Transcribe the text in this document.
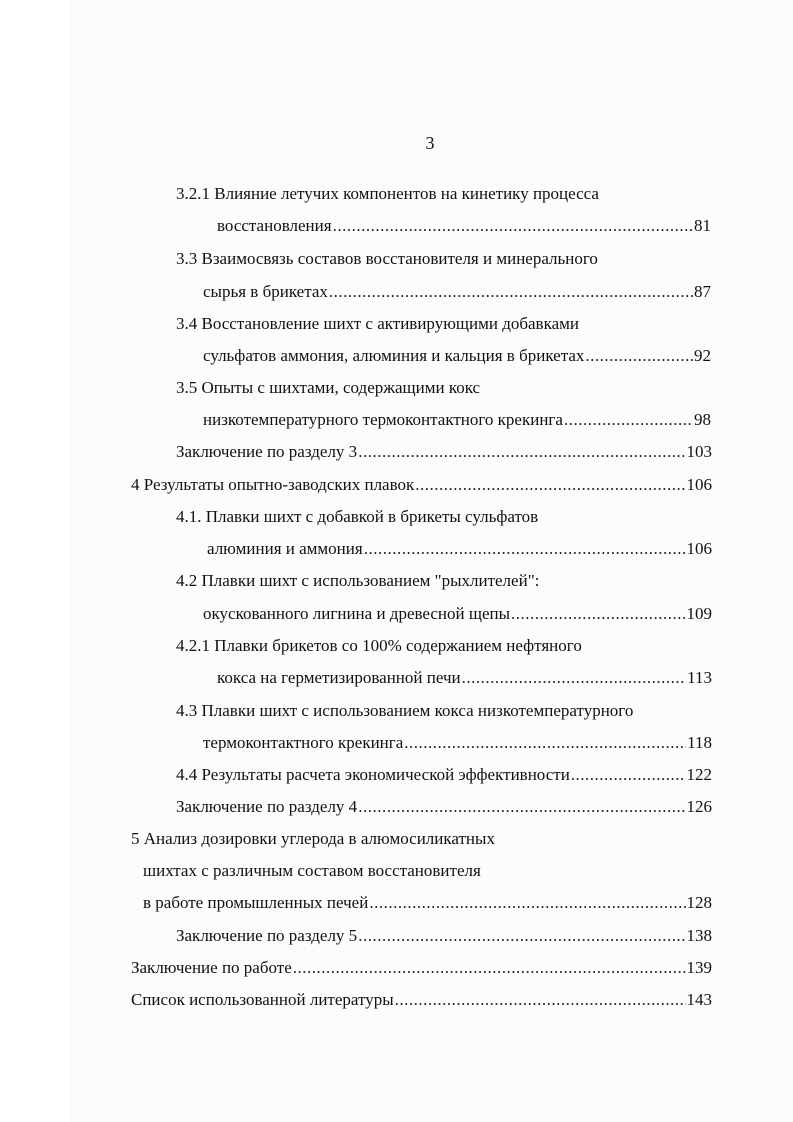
3
3.2.1 Влияние летучих компонентов на кинетику процесса
восстановления .....	81
3.3 Взаимосвязь составов восстановителя и минерального
сырья в брикетах .....	87
3.4 Восстановление шихт с активирующими добавками
сульфатов аммония, алюминия и кальция в брикетах .....	92
3.5 Опыты с шихтами, содержащими кокс
низкотемпературного термоконтактного крекинга .....	98
Заключение по разделу 3 .....	103
4 Результаты опытно-заводских плавок .....	106
4.1. Плавки шихт с добавкой в брикеты сульфатов
алюминия и аммония .....	106
4.2 Плавки шихт с использованием "рыхлителей":
окускованного лигнина и древесной щепы .....	109
4.2.1 Плавки брикетов со 100% содержанием нефтяного
кокса на герметизированной печи .....	113
4.3 Плавки шихт с использованием кокса низкотемпературного
термоконтактного крекинга .....	118
4.4 Результаты расчета экономической эффективности .....	122
Заключение по разделу 4 .....	126
5 Анализ дозировки углерода в алюмосиликатных
шихтах с различным составом восстановителя
в работе промышленных печей .....	128
Заключение по разделу 5 .....	138
Заключение по работе .....	139
Список использованной литературы .....	143
